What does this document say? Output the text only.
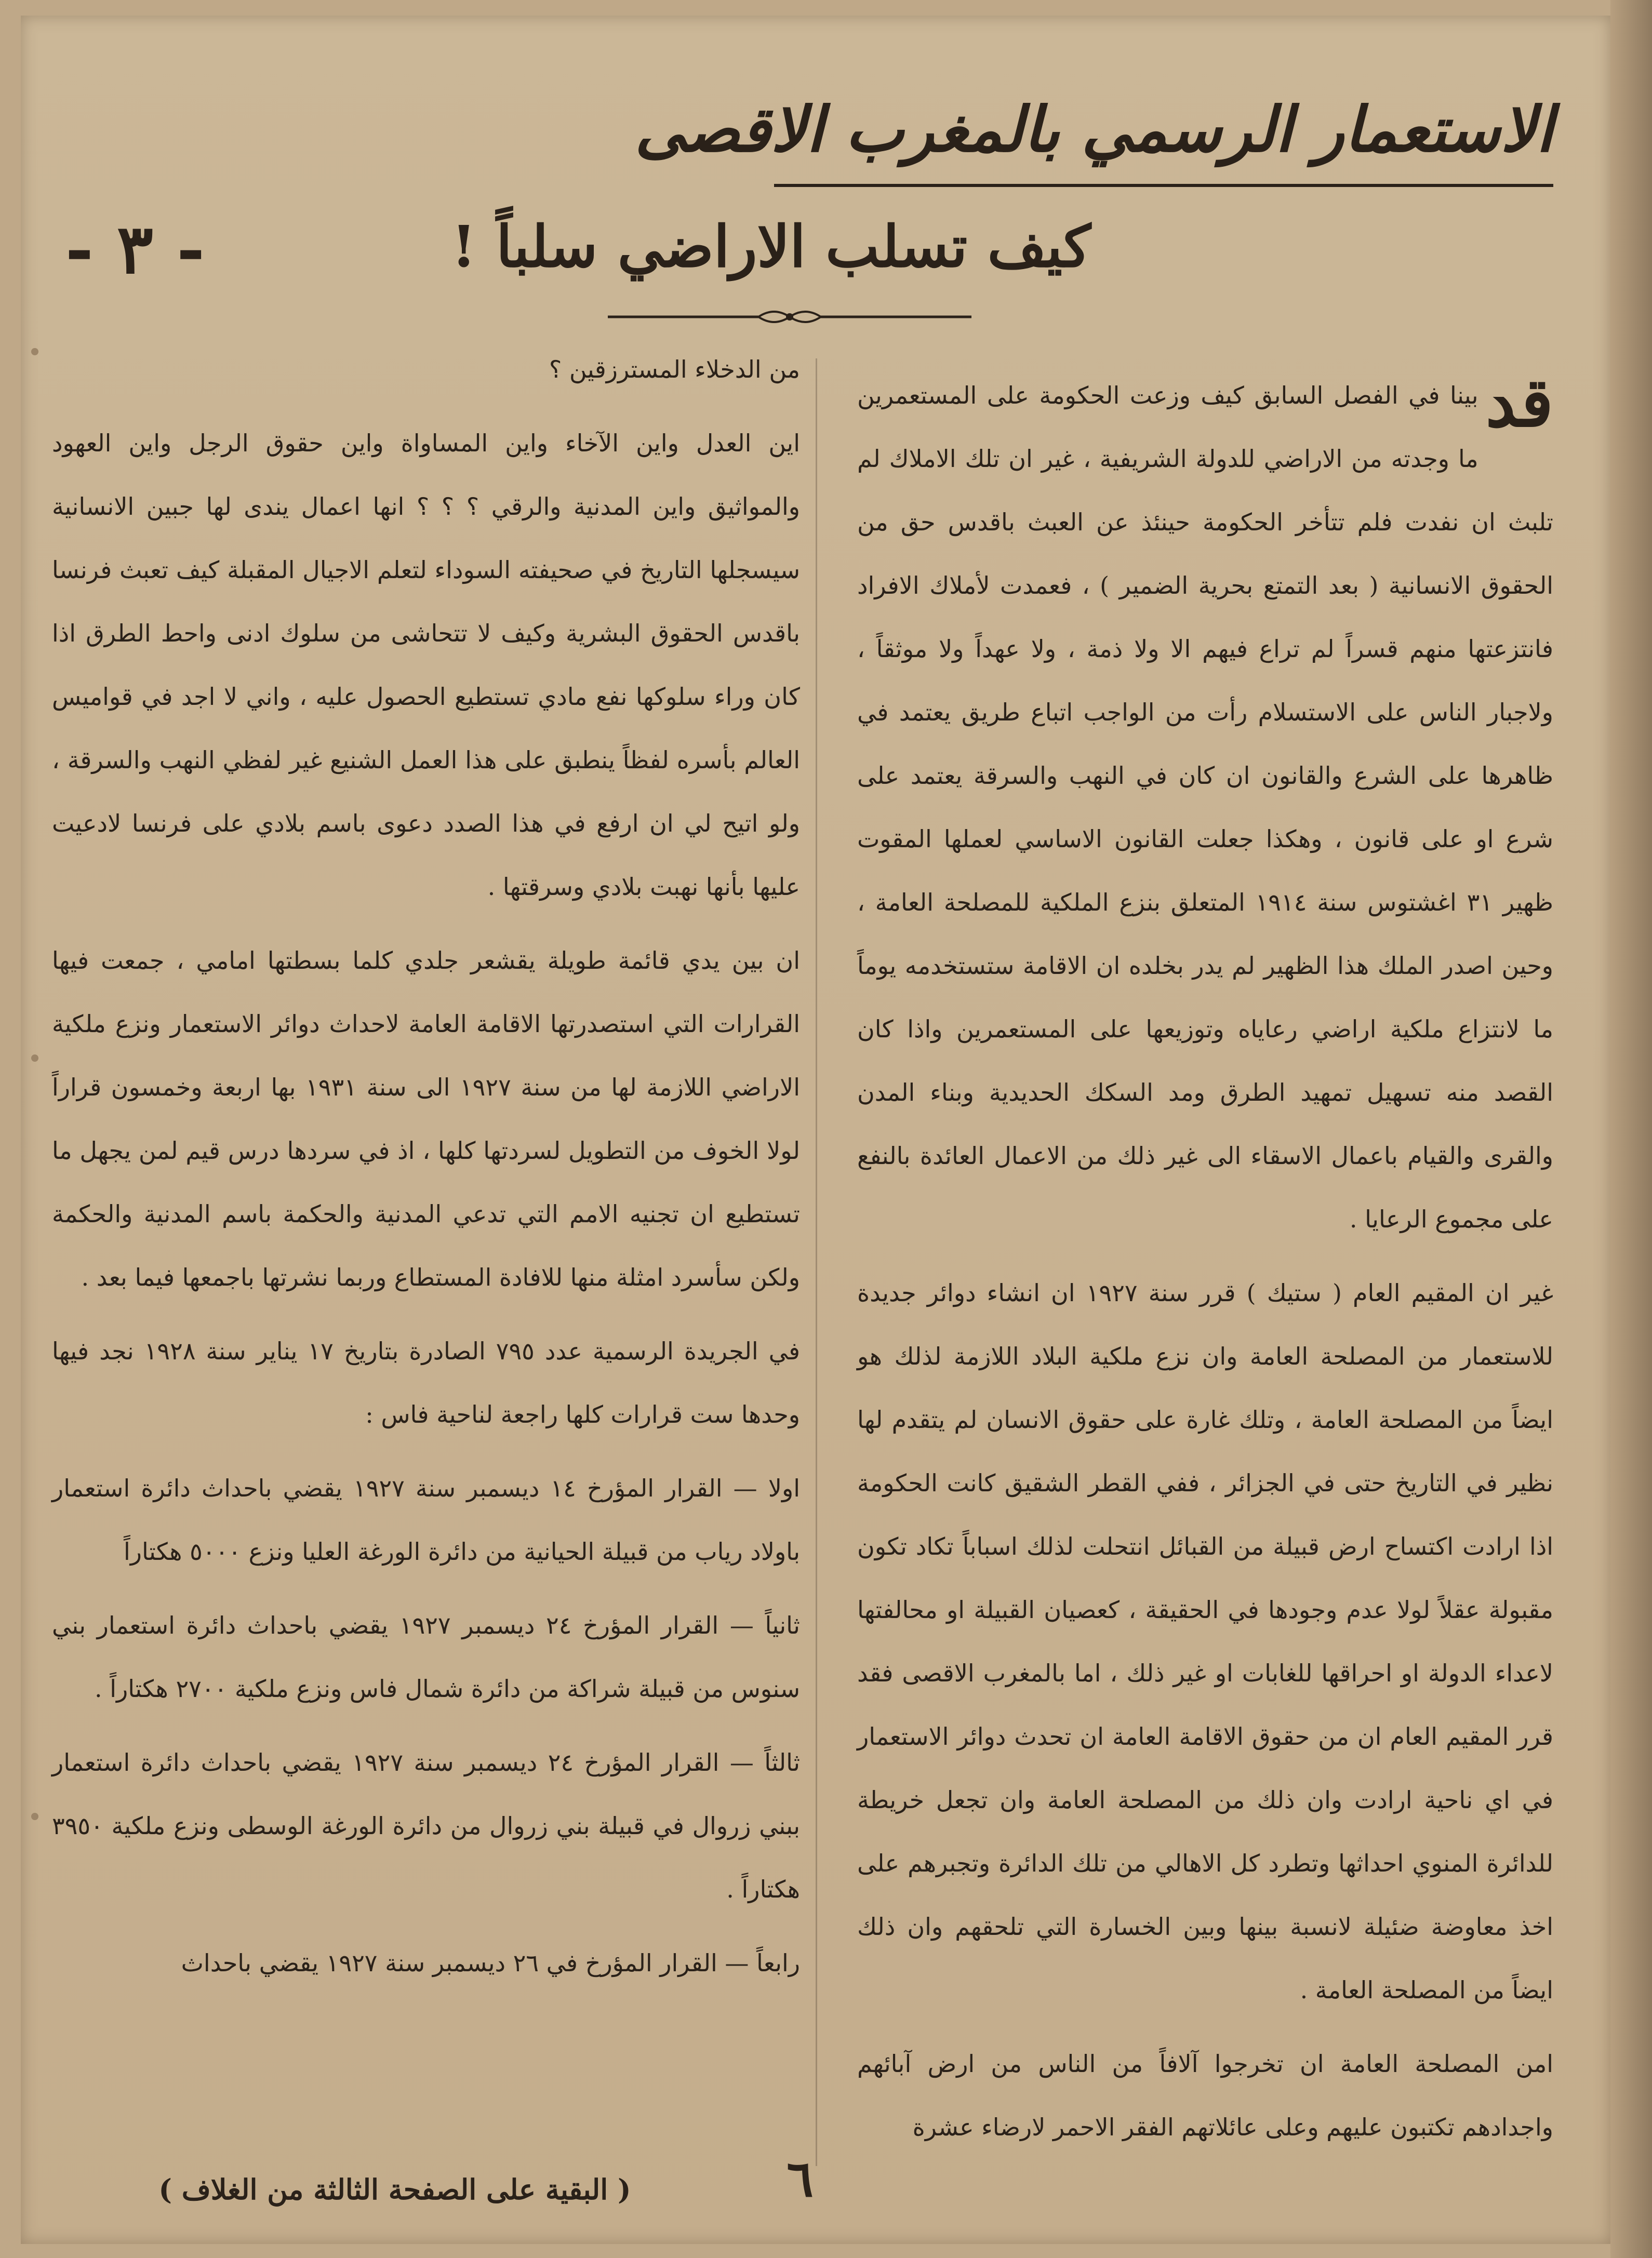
الاستعمار الرسمي بالمغرب الاقصى
كيف تسلب الاراضي سلباً !
- ٣ -
قد

بينا في الفصل السابق كيف وزعت الحكومة على المستعمرين ما وجدته من الاراضي للدولة الشريفية ، غير ان تلك الاملاك لم تلبث ان نفدت فلم تتأخر الحكومة حينئذ عن العبث باقدس حق من الحقوق الانسانية ( بعد التمتع بحرية الضمير ) ، فعمدت لأملاك الافراد فانتزعتها منهم قسراً لم تراع فيهم الا ولا ذمة ، ولا عهداً ولا موثقاً ، ولاجبار الناس على الاستسلام رأت من الواجب اتباع طريق يعتمد في ظاهرها على الشرع والقانون ان كان في النهب والسرقة يعتمد على شرع او على قانون ، وهكذا جعلت القانون الاساسي لعملها المقوت ظهير ٣١ اغشتوس سنة ١٩١٤ المتعلق بنزع الملكية للمصلحة العامة ، وحين اصدر الملك هذا الظهير لم يدر بخلده ان الاقامة ستستخدمه يوماً ما لانتزاع ملكية اراضي رعاياه وتوزيعها على المستعمرين واذا كان القصد منه تسهيل تمهيد الطرق ومد السكك الحديدية وبناء المدن والقرى والقيام باعمال الاسقاء الى غير ذلك من الاعمال العائدة بالنفع على مجموع الرعايا .

غير ان المقيم العام ( ستيك ) قرر سنة ١٩٢٧ ان انشاء دوائر جديدة للاستعمار من المصلحة العامة وان نزع ملكية البلاد اللازمة لذلك هو ايضاً من المصلحة العامة ، وتلك غارة على حقوق الانسان لم يتقدم لها نظير في التاريخ حتى في الجزائر ، ففي القطر الشقيق كانت الحكومة اذا ارادت اكتساح ارض قبيلة من القبائل انتحلت لذلك اسباباً تكاد تكون مقبولة عقلاً لولا عدم وجودها في الحقيقة ، كعصيان القبيلة او محالفتها لاعداء الدولة او احراقها للغابات او غير ذلك ، اما بالمغرب الاقصى فقد قرر المقيم العام ان من حقوق الاقامة العامة ان تحدث دوائر الاستعمار في اي ناحية ارادت وان ذلك من المصلحة العامة وان تجعل خريطة للدائرة المنوي احداثها وتطرد كل الاهالي من تلك الدائرة وتجبرهم على اخذ معاوضة ضئيلة لانسبة بينها وبين الخسارة التي تلحقهم وان ذلك ايضاً من المصلحة العامة .

امن المصلحة العامة ان تخرجوا آلافاً من الناس من ارض آبائهم واجدادهم تكتبون عليهم وعلى عائلاتهم الفقر الاحمر لارضاء عشرة

من الدخلاء المسترزقين ؟

اين العدل واين الآخاء واين المساواة واين حقوق الرجل واين العهود والمواثيق واين المدنية والرقي ؟ ؟ ؟ انها اعمال يندى لها جبين الانسانية سيسجلها التاريخ في صحيفته السوداء لتعلم الاجيال المقبلة كيف تعبث فرنسا باقدس الحقوق البشرية وكيف لا تتحاشى من سلوك ادنى واحط الطرق اذا كان وراء سلوكها نفع مادي تستطيع الحصول عليه ، واني لا اجد في قواميس العالم بأسره لفظاً ينطبق على هذا العمل الشنيع غير لفظي النهب والسرقة ، ولو اتيح لي ان ارفع في هذا الصدد دعوى باسم بلادي على فرنسا لادعيت عليها بأنها نهبت بلادي وسرقتها .

ان بين يدي قائمة طويلة يقشعر جلدي كلما بسطتها امامي ، جمعت فيها القرارات التي استصدرتها الاقامة العامة لاحداث دوائر الاستعمار ونزع ملكية الاراضي اللازمة لها من سنة ١٩٢٧ الى سنة ١٩٣١ بها اربعة وخمسون قراراً لولا الخوف من التطويل لسردتها كلها ، اذ في سردها درس قيم لمن يجهل ما تستطيع ان تجنيه الامم التي تدعي المدنية والحكمة باسم المدنية والحكمة ولكن سأسرد امثلة منها للافادة المستطاع وربما نشرتها باجمعها فيما بعد .

في الجريدة الرسمية عدد ٧٩٥ الصادرة بتاريخ ١٧ يناير سنة ١٩٢٨ نجد فيها وحدها ست قرارات كلها راجعة لناحية فاس :

اولا — القرار المؤرخ ١٤ ديسمبر سنة ١٩٢٧ يقضي باحداث دائرة استعمار باولاد رياب من قبيلة الحيانية من دائرة الورغة العليا ونزع ٥٠٠٠ هكتاراً

ثانياً — القرار المؤرخ ٢٤ ديسمبر ١٩٢٧ يقضي باحداث دائرة استعمار بني سنوس من قبيلة شراكة من دائرة شمال فاس ونزع ملكية ٢٧٠٠ هكتاراً .

ثالثاً — القرار المؤرخ ٢٤ ديسمبر سنة ١٩٢٧ يقضي باحداث دائرة استعمار ببني زروال في قبيلة بني زروال من دائرة الورغة الوسطى ونزع ملكية ٣٩٥٠ هكتاراً .

رابعاً — القرار المؤرخ في ٢٦ ديسمبر سنة ١٩٢٧ يقضي باحداث

( البقية على الصفحة الثالثة من الغلاف )	٦
